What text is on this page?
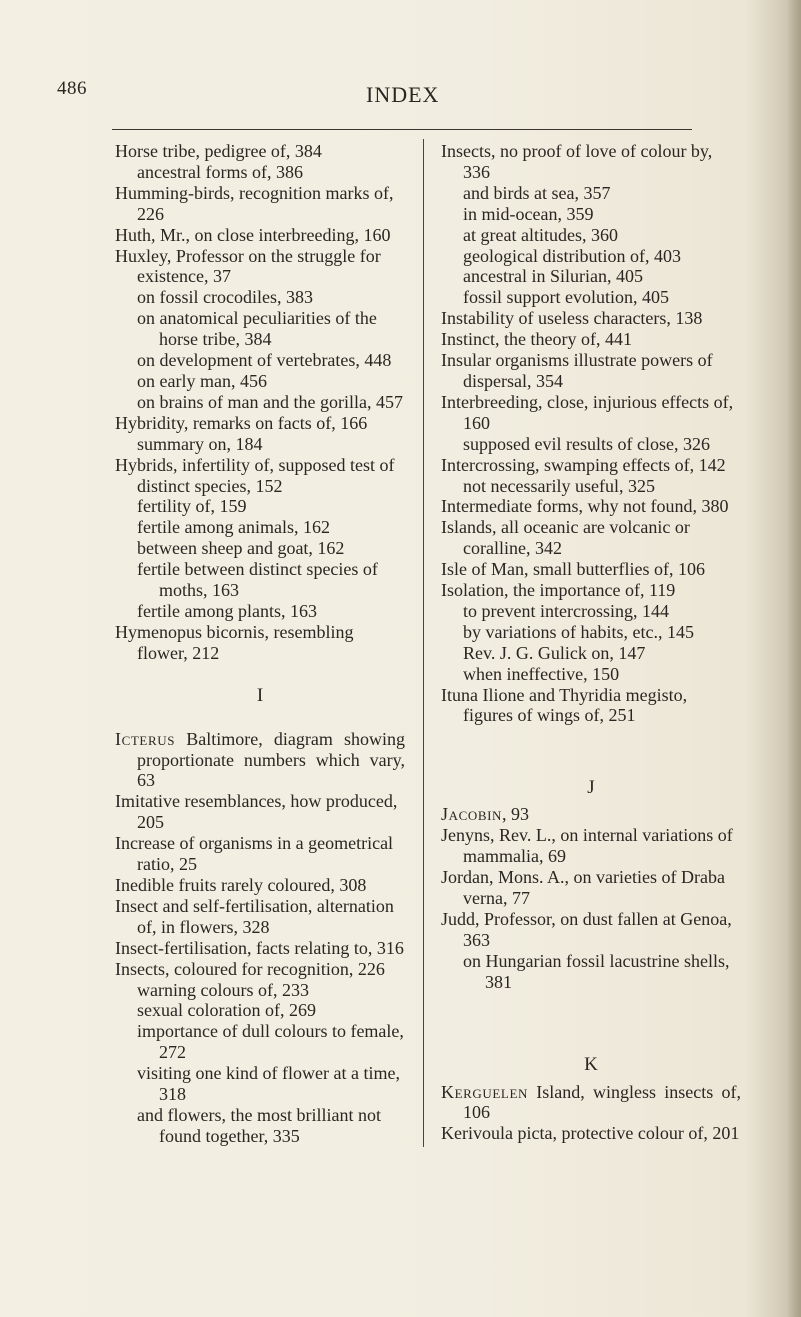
486	INDEX
Horse tribe, pedigree of, 384
ancestral forms of, 386
Humming-birds, recognition marks of, 226
Huth, Mr., on close interbreeding, 160
Huxley, Professor on the struggle for existence, 37
on fossil crocodiles, 383
on anatomical peculiarities of the horse tribe, 384
on development of vertebrates, 448
on early man, 456
on brains of man and the gorilla, 457
Hybridity, remarks on facts of, 166
summary on, 184
Hybrids, infertility of, supposed test of distinct species, 152
fertility of, 159
fertile among animals, 162
between sheep and goat, 162
fertile between distinct species of moths, 163
fertile among plants, 163
Hymenopus bicornis, resembling flower, 212
I
Icterus Baltimore, diagram showing proportionate numbers which vary, 63
Imitative resemblances, how produced, 205
Increase of organisms in a geometrical ratio, 25
Inedible fruits rarely coloured, 308
Insect and self-fertilisation, alternation of, in flowers, 328
Insect-fertilisation, facts relating to, 316
Insects, coloured for recognition, 226
warning colours of, 233
sexual coloration of, 269
importance of dull colours to female, 272
visiting one kind of flower at a time, 318
and flowers, the most brilliant not found together, 335
Insects, no proof of love of colour by, 336
and birds at sea, 357
in mid-ocean, 359
at great altitudes, 360
geological distribution of, 403
ancestral in Silurian, 405
fossil support evolution, 405
Instability of useless characters, 138
Instinct, the theory of, 441
Insular organisms illustrate powers of dispersal, 354
Interbreeding, close, injurious effects of, 160
supposed evil results of close, 326
Intercrossing, swamping effects of, 142
not necessarily useful, 325
Intermediate forms, why not found, 380
Islands, all oceanic are volcanic or coralline, 342
Isle of Man, small butterflies of, 106
Isolation, the importance of, 119
to prevent intercrossing, 144
by variations of habits, etc., 145
Rev. J. G. Gulick on, 147
when ineffective, 150
Ituna Ilione and Thyridia megisto, figures of wings of, 251
J
Jacobin, 93
Jenyns, Rev. L., on internal variations of mammalia, 69
Jordan, Mons. A., on varieties of Draba verna, 77
Judd, Professor, on dust fallen at Genoa, 363
on Hungarian fossil lacustrine shells, 381
K
Kerguelen Island, wingless insects of, 106
Kerivoula picta, protective colour of, 201
